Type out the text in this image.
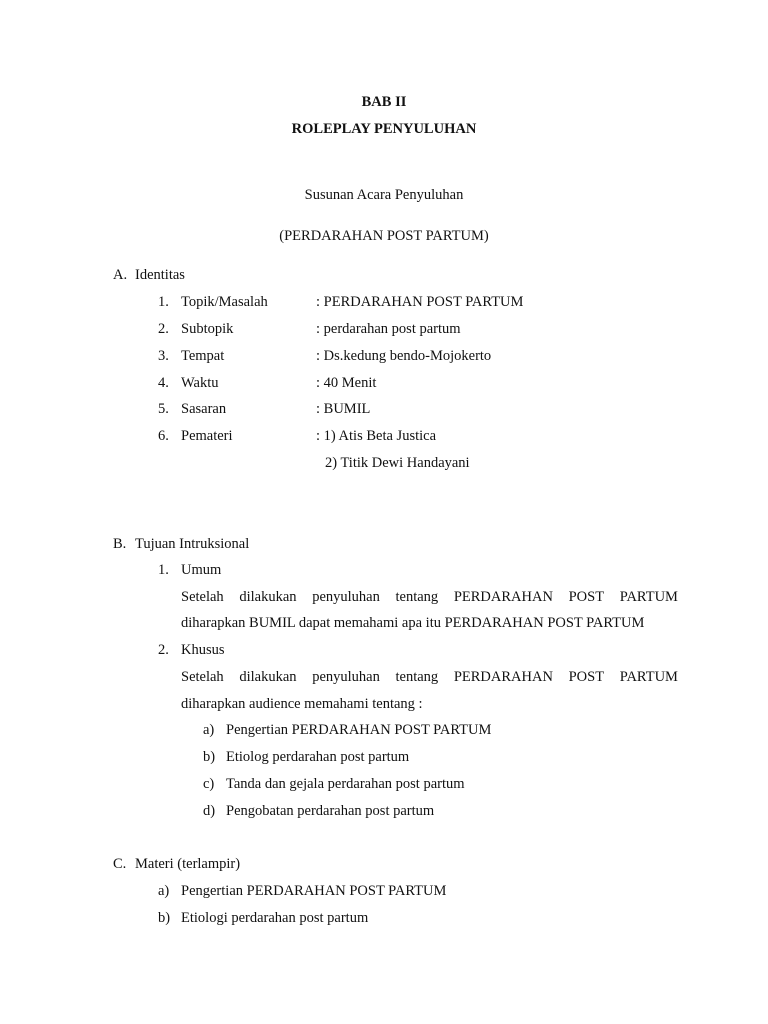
BAB II
ROLEPLAY PENYULUHAN
Susunan Acara Penyuluhan
(PERDARAHAN POST PARTUM)
A. Identitas
1. Topik/Masalah	: PERDARAHAN POST PARTUM
2. Subtopik	: perdarahan post partum
3. Tempat	: Ds.kedung bendo-Mojokerto
4. Waktu	: 40 Menit
5. Sasaran	: BUMIL
6. Pemateri	: 1) Atis Beta Justica
2) Titik Dewi Handayani
B. Tujuan Intruksional
1. Umum
Setelah dilakukan penyuluhan tentang PERDARAHAN POST PARTUM
diharapkan BUMIL dapat memahami apa itu PERDARAHAN POST PARTUM
2. Khusus
Setelah dilakukan penyuluhan tentang PERDARAHAN POST PARTUM
diharapkan audience memahami tentang :
a) Pengertian PERDARAHAN POST PARTUM
b) Etiolog perdarahan post partum
c) Tanda dan gejala perdarahan post partum
d) Pengobatan perdarahan post partum
C. Materi (terlampir)
a) Pengertian PERDARAHAN POST PARTUM
b) Etiologi perdarahan post partum
